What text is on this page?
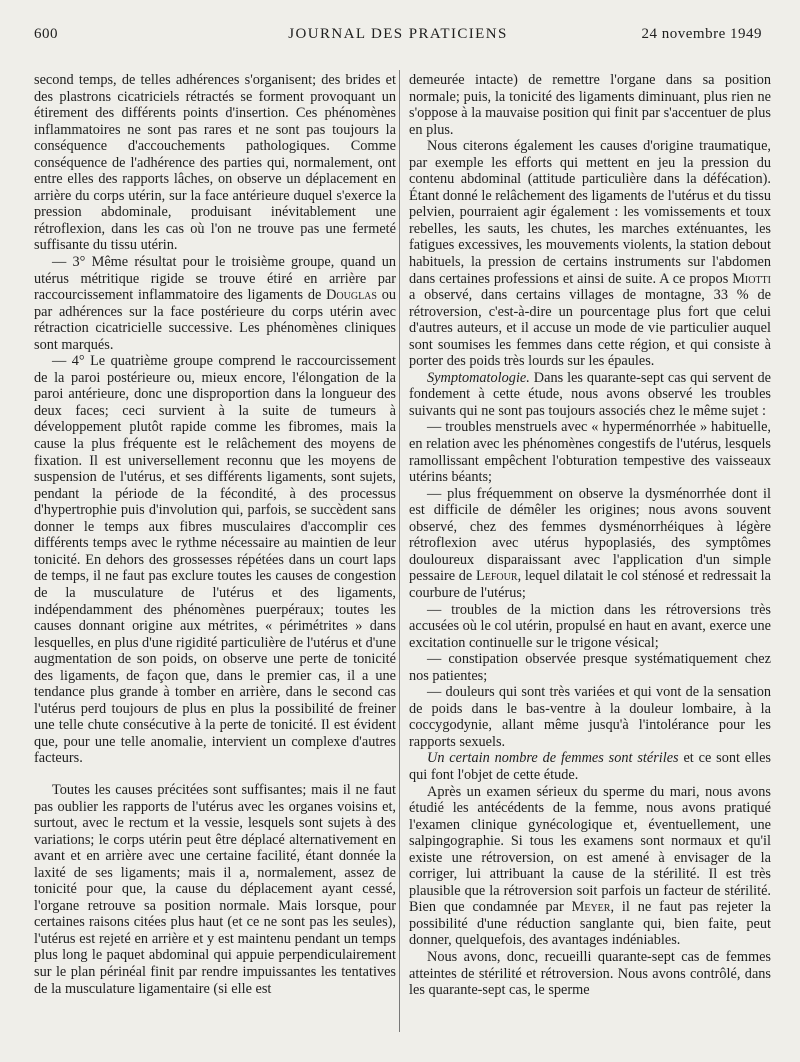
600	JOURNAL DES PRATICIENS	24 novembre 1949

second temps, de telles adhérences s'organisent; des brides et des plastrons cicatriciels rétractés se forment provoquant un étirement des différents points d'insertion. Ces phénomènes inflammatoires ne sont pas rares et ne sont pas toujours la conséquence d'accouchements pathologiques. Comme conséquence de l'adhérence des parties qui, normalement, ont entre elles des rapports lâches, on observe un déplacement en arrière du corps utérin, sur la face antérieure duquel s'exerce la pression abdominale, produisant inévitablement une rétroflexion, dans les cas où l'on ne trouve pas une fermeté suffisante du tissu utérin.

— 3° Même résultat pour le troisième groupe, quand un utérus métritique rigide se trouve étiré en arrière par raccourcissement inflammatoire des ligaments de Douglas ou par adhérences sur la face postérieure du corps utérin avec rétraction cicatricielle successive. Les phénomènes cliniques sont marqués.

— 4° Le quatrième groupe comprend le raccourcissement de la paroi postérieure ou, mieux encore, l'élongation de la paroi antérieure, donc une disproportion dans la longueur des deux faces; ceci survient à la suite de tumeurs à développement plutôt rapide comme les fibromes, mais la cause la plus fréquente est le relâchement des moyens de fixation. Il est universellement reconnu que les moyens de suspension de l'utérus, et ses différents ligaments, sont sujets, pendant la période de la fécondité, à des processus d'hypertrophie puis d'involution qui, parfois, se succèdent sans donner le temps aux fibres musculaires d'accomplir ces différents temps avec le rythme nécessaire au maintien de leur tonicité. En dehors des grossesses répétées dans un court laps de temps, il ne faut pas exclure toutes les causes de congestion de la musculature de l'utérus et des ligaments, indépendamment des phénomènes puerpéraux; toutes les causes donnant origine aux métrites, « périmétrites » dans lesquelles, en plus d'une rigidité particulière de l'utérus et d'une augmentation de son poids, on observe une perte de tonicité des ligaments, de façon que, dans le premier cas, il a une tendance plus grande à tomber en arrière, dans le second cas l'utérus perd toujours de plus en plus la possibilité de freiner une telle chute consécutive à la perte de tonicité. Il est évident que, pour une telle anomalie, intervient un complexe d'autres facteurs.

Toutes les causes précitées sont suffisantes; mais il ne faut pas oublier les rapports de l'utérus avec les organes voisins et, surtout, avec le rectum et la vessie, lesquels sont sujets à des variations; le corps utérin peut être déplacé alternativement en avant et en arrière avec une certaine facilité, étant donnée la laxité de ses ligaments; mais il a, normalement, assez de tonicité pour que, la cause du déplacement ayant cessé, l'organe retrouve sa position normale. Mais lorsque, pour certaines raisons citées plus haut (et ce ne sont pas les seules), l'utérus est rejeté en arrière et y est maintenu pendant un temps plus long le paquet abdominal qui appuie perpendiculairement sur le plan périnéal finit par rendre impuissantes les tentatives de la musculature ligamentaire (si elle est

demeurée intacte) de remettre l'organe dans sa position normale; puis, la tonicité des ligaments diminuant, plus rien ne s'oppose à la mauvaise position qui finit par s'accentuer de plus en plus.

Nous citerons également les causes d'origine traumatique, par exemple les efforts qui mettent en jeu la pression du contenu abdominal (attitude particulière dans la défécation). Étant donné le relâchement des ligaments de l'utérus et du tissu pelvien, pourraient agir également : les vomissements et toux rebelles, les sauts, les chutes, les marches exténuantes, les fatigues excessives, les mouvements violents, la station debout habituels, la pression de certains instruments sur l'abdomen dans certaines professions et ainsi de suite. A ce propos Miotti a observé, dans certains villages de montagne, 33 % de rétroversion, c'est-à-dire un pourcentage plus fort que celui d'autres auteurs, et il accuse un mode de vie particulier auquel sont soumises les femmes dans cette région, et qui consiste à porter des poids très lourds sur les épaules.

Symptomatologie. Dans les quarante-sept cas qui servent de fondement à cette étude, nous avons observé les troubles suivants qui ne sont pas toujours associés chez le même sujet :

— troubles menstruels avec « hyperménorrhée » habituelle, en relation avec les phénomènes congestifs de l'utérus, lesquels ramollissant empêchent l'obturation tempestive des vaisseaux utérins béants;

— plus fréquemment on observe la dysménorrhée dont il est difficile de démêler les origines; nous avons souvent observé, chez des femmes dysménorrhéiques à légère rétroflexion avec utérus hypoplasiés, des symptômes douloureux disparaissant avec l'application d'un simple pessaire de Lefour, lequel dilatait le col sténosé et redressait la courbure de l'utérus;

— troubles de la miction dans les rétroversions très accusées où le col utérin, propulsé en haut en avant, exerce une excitation continuelle sur le trigone vésical;

— constipation observée presque systématiquement chez nos patientes;

— douleurs qui sont très variées et qui vont de la sensation de poids dans le bas-ventre à la douleur lombaire, à la coccygodynie, allant même jusqu'à l'intolérance pour les rapports sexuels.

Un certain nombre de femmes sont stériles et ce sont elles qui font l'objet de cette étude.

Après un examen sérieux du sperme du mari, nous avons étudié les antécédents de la femme, nous avons pratiqué l'examen clinique gynécologique et, éventuellement, une salpingographie. Si tous les examens sont normaux et qu'il existe une rétroversion, on est amené à envisager de la corriger, lui attribuant la cause de la stérilité. Il est très plausible que la rétroversion soit parfois un facteur de stérilité. Bien que condamnée par Meyer, il ne faut pas rejeter la possibilité d'une réduction sanglante qui, bien faite, peut donner, quelquefois, des avantages indéniables.

Nous avons, donc, recueilli quarante-sept cas de femmes atteintes de stérilité et rétroversion. Nous avons contrôlé, dans les quarante-sept cas, le sperme
